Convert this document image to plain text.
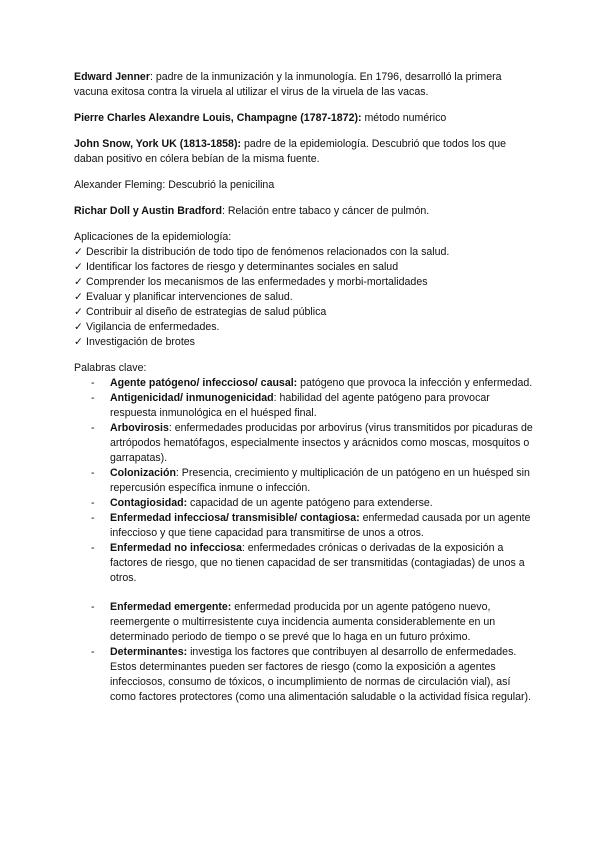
Edward Jenner: padre de la inmunización y la inmunología. En 1796, desarrolló la primera vacuna exitosa contra la viruela al utilizar el virus de la viruela de las vacas.

Pierre Charles Alexandre Louis, Champagne (1787-1872): método numérico

John Snow, York UK (1813-1858): padre de la epidemiología. Descubrió que todos los que daban positivo en cólera bebían de la misma fuente.

Alexander Fleming: Descubrió la penicilina

Richar Doll y Austin Bradford: Relación entre tabaco y cáncer de pulmón.

Aplicaciones de la epidemiología:

✓ Describir la distribución de todo tipo de fenómenos relacionados con la salud.
✓ Identificar los factores de riesgo y determinantes sociales en salud
✓ Comprender los mecanismos de las enfermedades y morbi-mortalidades
✓ Evaluar y planificar intervenciones de salud.
✓ Contribuir al diseño de estrategias de salud pública
✓ Vigilancia de enfermedades.
✓ Investigación de brotes

Palabras clave:

- Agente patógeno/ infeccioso/ causal: patógeno que provoca la infección y enfermedad.
- Antigenicidad/ inmunogenicidad: habilidad del agente patógeno para provocar respuesta inmunológica en el huésped final.
- Arbovirosis: enfermedades producidas por arbovirus (virus transmitidos por picaduras de artrópodos hematófagos, especialmente insectos y arácnidos como moscas, mosquitos o garrapatas).
- Colonización: Presencia, crecimiento y multiplicación de un patógeno en un huésped sin repercusión específica inmune o infección.
- Contagiosidad: capacidad de un agente patógeno para extenderse.
- Enfermedad infecciosa/ transmisible/ contagiosa: enfermedad causada por un agente infeccioso y que tiene capacidad para transmitirse de unos a otros.
- Enfermedad no infecciosa: enfermedades crónicas o derivadas de la exposición a factores de riesgo, que no tienen capacidad de ser transmitidas (contagiadas) de unos a otros.
- Enfermedad emergente: enfermedad producida por un agente patógeno nuevo, reemergente o multirresistente cuya incidencia aumenta considerablemente en un determinado periodo de tiempo o se prevé que lo haga en un futuro próximo.
- Determinantes: investiga los factores que contribuyen al desarrollo de enfermedades. Estos determinantes pueden ser factores de riesgo (como la exposición a agentes infecciosos, consumo de tóxicos, o incumplimiento de normas de circulación vial), así como factores protectores (como una alimentación saludable o la actividad física regular).
